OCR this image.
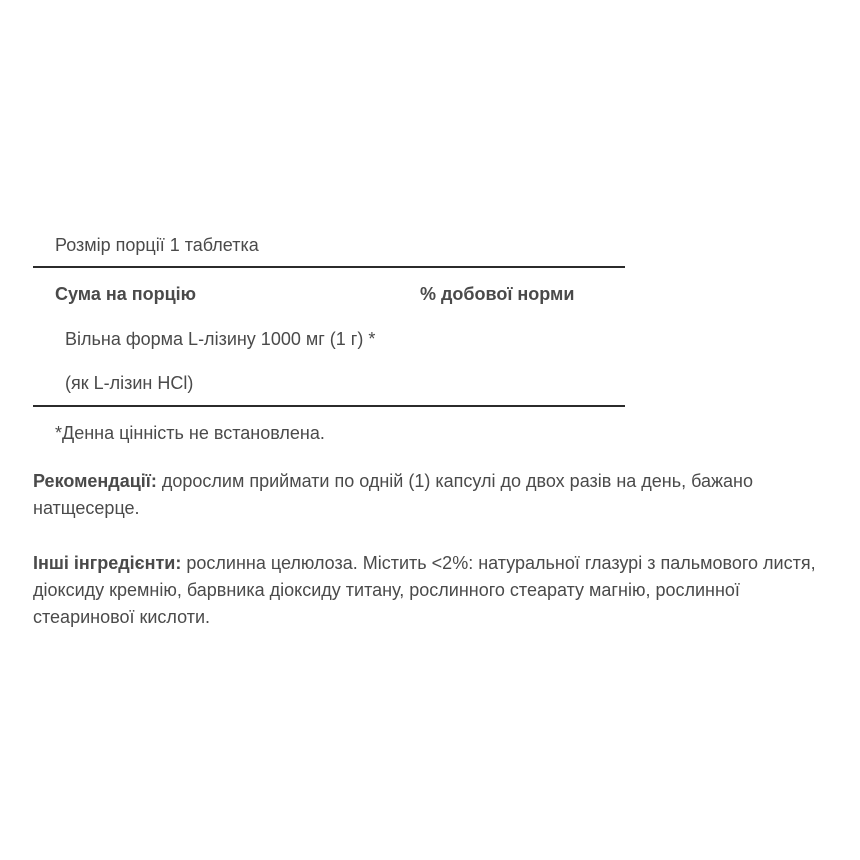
Розмір порції 1 таблетка
Сума на порцію	% добової норми
Вільна форма L-лізину 1000 мг (1 г) *
(як L-лізин HCl)
*Денна цінність не встановлена.
Рекомендації: дорослим приймати по одній (1) капсулі до двох разів на день, бажано натщесерце.
Інші інгредієнти: рослинна целюлоза. Містить <2%: натуральної глазурі з пальмового листя, діоксиду кремнію, барвника діоксиду титану, рослинного стеарату магнію, рослинної стеаринової кислоти.
